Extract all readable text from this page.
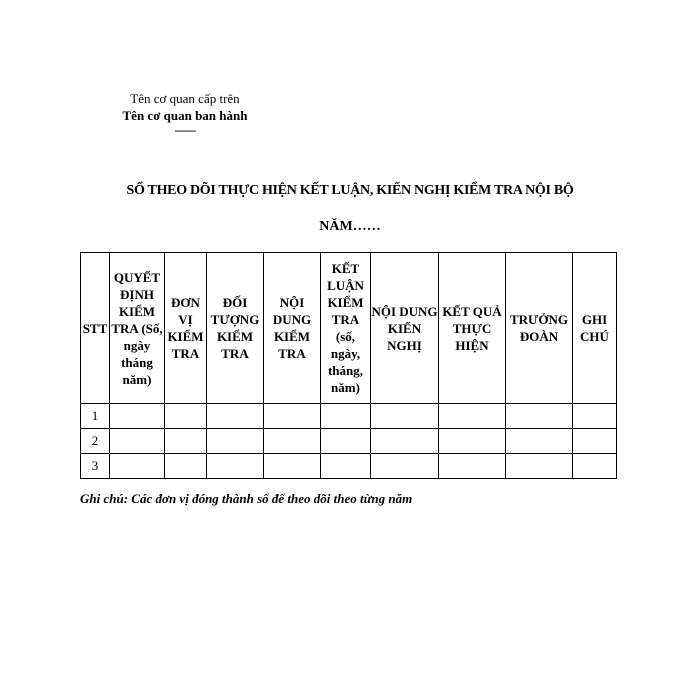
Tên cơ quan cấp trên
Tên cơ quan ban hành
-------
SỔ THEO DÕI THỰC HIỆN KẾT LUẬN, KIẾN NGHỊ KIỂM TRA NỘI BỘ
NĂM……
STT	QUYẾT ĐỊNH KIỂM TRA (Số, ngày tháng năm)	ĐƠN VỊ KIỂM TRA	ĐỐI TƯỢNG KIỂM TRA	NỘI DUNG KIỂM TRA	KẾT LUẬN KIỂM TRA (số, ngày, tháng, năm)	NỘI DUNG KIẾN NGHỊ	KẾT QUẢ THỰC HIỆN	TRƯỞNG ĐOÀN	GHI CHÚ
1									
2									
3									
Ghi chú: Các đơn vị đóng thành sổ để theo dõi theo từng năm
